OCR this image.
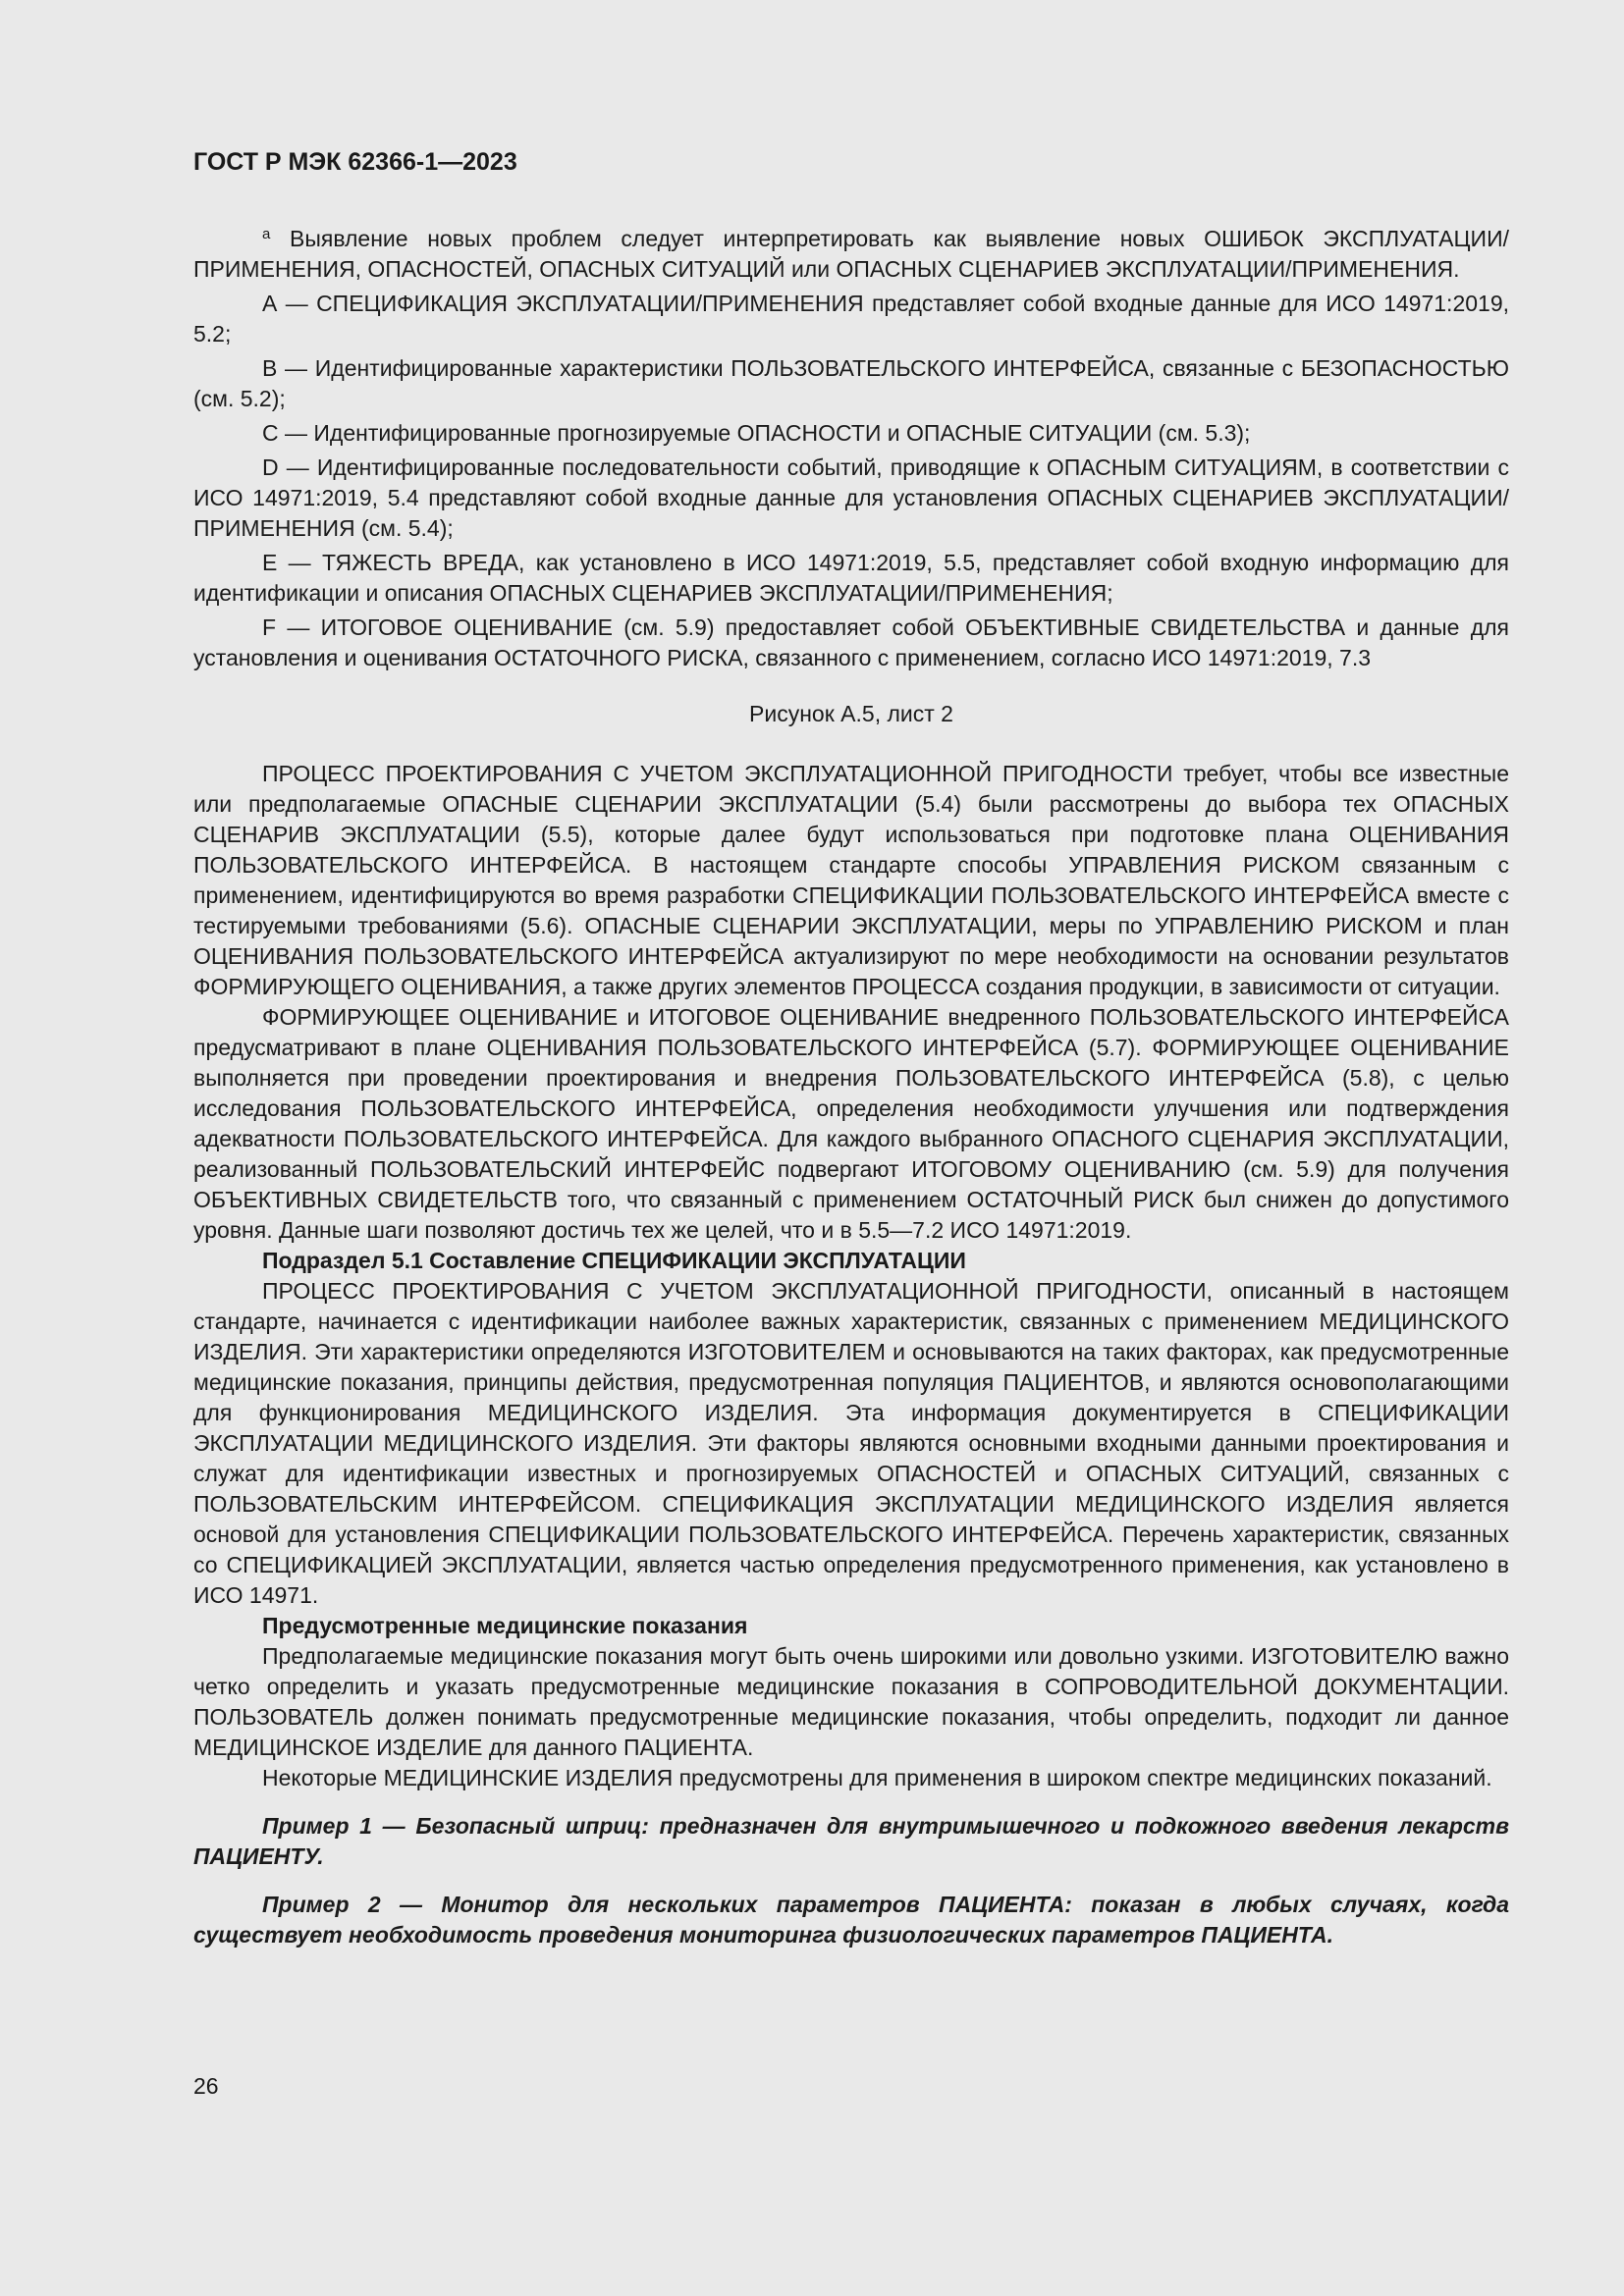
ГОСТ Р МЭК 62366-1—2023

$^a$ Выявление новых проблем следует интерпретировать как выявление новых ОШИБОК ЭКСПЛУАТАЦИИ/ПРИМЕНЕНИЯ, ОПАСНОСТЕЙ, ОПАСНЫХ СИТУАЦИЙ или ОПАСНЫХ СЦЕНАРИЕВ ЭКСПЛУАТАЦИИ/ПРИМЕНЕНИЯ.

А — СПЕЦИФИКАЦИЯ ЭКСПЛУАТАЦИИ/ПРИМЕНЕНИЯ представляет собой входные данные для ИСО 14971:2019, 5.2;

В — Идентифицированные характеристики ПОЛЬЗОВАТЕЛЬСКОГО ИНТЕРФЕЙСА, связанные с БЕЗОПАСНОСТЬЮ (см. 5.2);

С — Идентифицированные прогнозируемые ОПАСНОСТИ и ОПАСНЫЕ СИТУАЦИИ (см. 5.3);

D — Идентифицированные последовательности событий, приводящие к ОПАСНЫМ СИТУАЦИЯМ, в соответствии с ИСО 14971:2019, 5.4 представляют собой входные данные для установления ОПАСНЫХ СЦЕНАРИЕВ ЭКСПЛУАТАЦИИ/ПРИМЕНЕНИЯ (см. 5.4);

Е — ТЯЖЕСТЬ ВРЕДА, как установлено в ИСО 14971:2019, 5.5, представляет собой входную информацию для идентификации и описания ОПАСНЫХ СЦЕНАРИЕВ ЭКСПЛУАТАЦИИ/ПРИМЕНЕНИЯ;

F — ИТОГОВОЕ ОЦЕНИВАНИЕ (см. 5.9) предоставляет собой ОБЪЕКТИВНЫЕ СВИДЕТЕЛЬСТВА и данные для установления и оценивания ОСТАТОЧНОГО РИСКА, связанного с применением, согласно ИСО 14971:2019, 7.3

Рисунок А.5, лист 2

ПРОЦЕСС ПРОЕКТИРОВАНИЯ С УЧЕТОМ ЭКСПЛУАТАЦИОННОЙ ПРИГОДНОСТИ требует, чтобы все известные или предполагаемые ОПАСНЫЕ СЦЕНАРИИ ЭКСПЛУАТАЦИИ (5.4) были рассмотрены до выбора тех ОПАСНЫХ СЦЕНАРИВ ЭКСПЛУАТАЦИИ (5.5), которые далее будут использоваться при подготовке плана ОЦЕНИВАНИЯ ПОЛЬЗОВАТЕЛЬСКОГО ИНТЕРФЕЙСА. В настоящем стандарте способы УПРАВЛЕНИЯ РИСКОМ связанным с применением, идентифицируются во время разработки СПЕЦИФИКАЦИИ ПОЛЬЗОВАТЕЛЬСКОГО ИНТЕРФЕЙСА вместе с тестируемыми требованиями (5.6). ОПАСНЫЕ СЦЕНАРИИ ЭКСПЛУАТАЦИИ, меры по УПРАВЛЕНИЮ РИСКОМ и план ОЦЕНИВАНИЯ ПОЛЬЗОВАТЕЛЬСКОГО ИНТЕРФЕЙСА актуализируют по мере необходимости на основании результатов ФОРМИРУЮЩЕГО ОЦЕНИВАНИЯ, а также других элементов ПРОЦЕССА создания продукции, в зависимости от ситуации.

ФОРМИРУЮЩЕЕ ОЦЕНИВАНИЕ и ИТОГОВОЕ ОЦЕНИВАНИЕ внедренного ПОЛЬЗОВАТЕЛЬСКОГО ИНТЕРФЕЙСА предусматривают в плане ОЦЕНИВАНИЯ ПОЛЬЗОВАТЕЛЬСКОГО ИНТЕРФЕЙСА (5.7). ФОРМИРУЮЩЕЕ ОЦЕНИВАНИЕ выполняется при проведении проектирования и внедрения ПОЛЬЗОВАТЕЛЬСКОГО ИНТЕРФЕЙСА (5.8), с целью исследования ПОЛЬЗОВАТЕЛЬСКОГО ИНТЕРФЕЙСА, определения необходимости улучшения или подтверждения адекватности ПОЛЬЗОВАТЕЛЬСКОГО ИНТЕРФЕЙСА. Для каждого выбранного ОПАСНОГО СЦЕНАРИЯ ЭКСПЛУАТАЦИИ, реализованный ПОЛЬЗОВАТЕЛЬСКИЙ ИНТЕРФЕЙС подвергают ИТОГОВОМУ ОЦЕНИВАНИЮ (см. 5.9) для получения ОБЪЕКТИВНЫХ СВИДЕТЕЛЬСТВ того, что связанный с применением ОСТАТОЧНЫЙ РИСК был снижен до допустимого уровня. Данные шаги позволяют достичь тех же целей, что и в 5.5—7.2 ИСО 14971:2019.

Подраздел 5.1 Составление СПЕЦИФИКАЦИИ ЭКСПЛУАТАЦИИ

ПРОЦЕСС ПРОЕКТИРОВАНИЯ С УЧЕТОМ ЭКСПЛУАТАЦИОННОЙ ПРИГОДНОСТИ, описанный в настоящем стандарте, начинается с идентификации наиболее важных характеристик, связанных с применением МЕДИЦИНСКОГО ИЗДЕЛИЯ. Эти характеристики определяются ИЗГОТОВИТЕЛЕМ и основываются на таких факторах, как предусмотренные медицинские показания, принципы действия, предусмотренная популяция ПАЦИЕНТОВ, и являются основополагающими для функционирования МЕДИЦИНСКОГО ИЗДЕЛИЯ. Эта информация документируется в СПЕЦИФИКАЦИИ ЭКСПЛУАТАЦИИ МЕДИЦИНСКОГО ИЗДЕЛИЯ. Эти факторы являются основными входными данными проектирования и служат для идентификации известных и прогнозируемых ОПАСНОСТЕЙ и ОПАСНЫХ СИТУАЦИЙ, связанных с ПОЛЬЗОВАТЕЛЬСКИМ ИНТЕРФЕЙСОМ. СПЕЦИФИКАЦИЯ ЭКСПЛУАТАЦИИ МЕДИЦИНСКОГО ИЗДЕЛИЯ является основой для установления СПЕЦИФИКАЦИИ ПОЛЬЗОВАТЕЛЬСКОГО ИНТЕРФЕЙСА. Перечень характеристик, связанных со СПЕЦИФИКАЦИЕЙ ЭКСПЛУАТАЦИИ, является частью определения предусмотренного применения, как установлено в ИСО 14971.

Предусмотренные медицинские показания

Предполагаемые медицинские показания могут быть очень широкими или довольно узкими. ИЗГОТОВИТЕЛЮ важно четко определить и указать предусмотренные медицинские показания в СОПРОВОДИТЕЛЬНОЙ ДОКУМЕНТАЦИИ. ПОЛЬЗОВАТЕЛЬ должен понимать предусмотренные медицинские показания, чтобы определить, подходит ли данное МЕДИЦИНСКОЕ ИЗДЕЛИЕ для данного ПАЦИЕНТА.

Некоторые МЕДИЦИНСКИЕ ИЗДЕЛИЯ предусмотрены для применения в широком спектре медицинских показаний.

Пример 1 — Безопасный шприц: предназначен для внутримышечного и подкожного введения лекарств ПАЦИЕНТУ.

Пример 2 — Монитор для нескольких параметров ПАЦИЕНТА: показан в любых случаях, когда существует необходимость проведения мониторинга физиологических параметров ПАЦИЕНТА.

26
